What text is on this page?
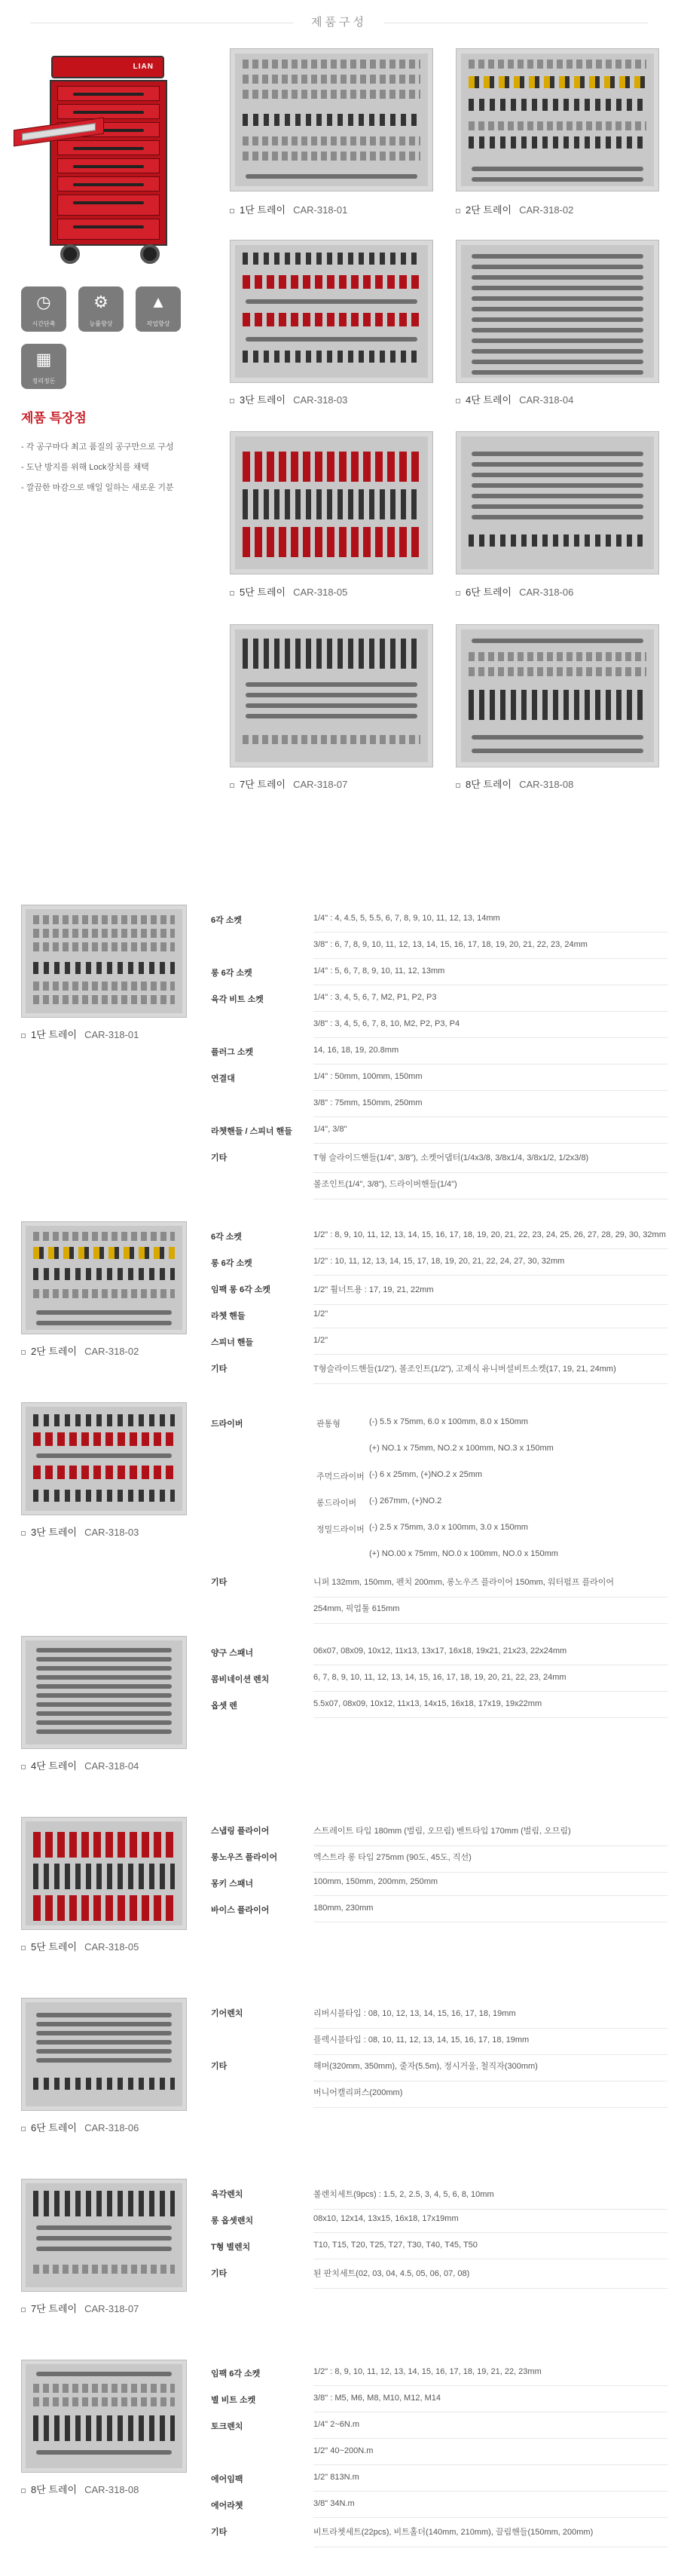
제품구성
LIAN
◷
시간단축
⚙
능률향상
▲
작업향상
▦
정리정돈
제품 특장점
- 각 공구마다 최고 품질의 공구만으로 구성
- 도난 방지를 위해 Lock장치를 채택
- 깔끔한 마감으로 매일 일하는 새로운 기분
1단 트레이 CAR-318-01	2단 트레이 CAR-318-02
3단 트레이 CAR-318-03	4단 트레이 CAR-318-04
5단 트레이 CAR-318-05	6단 트레이 CAR-318-06
7단 트레이 CAR-318-07	8단 트레이 CAR-318-08
1단 트레이 CAR-318-01
6각 소켓	1/4" : 4, 4.5, 5, 5.5, 6, 7, 8, 9, 10, 11, 12, 13, 14mm
3/8" : 6, 7, 8, 9, 10, 11, 12, 13, 14, 15, 16, 17, 18, 19, 20, 21, 22, 23, 24mm
롱 6각 소켓	1/4" : 5, 6, 7, 8, 9, 10, 11, 12, 13mm
육각 비트 소켓	1/4" : 3, 4, 5, 6, 7, M2, P1, P2, P3
3/8" : 3, 4, 5, 6, 7, 8, 10, M2, P2, P3, P4
플러그 소켓	14, 16, 18, 19, 20.8mm
연결대	1/4" : 50mm, 100mm, 150mm
3/8" : 75mm, 150mm, 250mm
라쳇핸들 / 스피너 핸들	1/4", 3/8"
기타	T형 슬라이드핸들(1/4", 3/8"), 소켓어댑터(1/4x3/8, 3/8x1/4, 3/8x1/2, 1/2x3/8)
볼조인트(1/4", 3/8"), 드라이버핸들(1/4")
2단 트레이 CAR-318-02
6각 소켓	1/2" : 8, 9, 10, 11, 12, 13, 14, 15, 16, 17, 18, 19, 20, 21, 22, 23, 24, 25, 26, 27, 28, 29, 30, 32mm
롱 6각 소켓	1/2" : 10, 11, 12, 13, 14, 15, 17, 18, 19, 20, 21, 22, 24, 27, 30, 32mm
임팩 롱 6각 소켓	1/2" 휠너트용 : 17, 19, 21, 22mm
라쳇 핸들	1/2"
스피너 핸들	1/2"
기타	T형슬라이드핸들(1/2"), 볼조인트(1/2"), 고제식 유니버셜비트소켓(17, 19, 21, 24mm)
3단 트레이 CAR-318-03
드라이버	관통형	(-) 5.5 x 75mm, 6.0 x 100mm, 8.0 x 150mm
(+) NO.1 x 75mm, NO.2 x 100mm, NO.3 x 150mm
주먹드라이버 (-) 6 x 25mm, (+)NO.2 x 25mm
롱드라이버	(-) 267mm, (+)NO.2
정밀드라이버 (-) 2.5 x 75mm, 3.0 x 100mm, 3.0 x 150mm
(+) NO.00 x 75mm, NO.0 x 100mm, NO.0 x 150mm
기타	니퍼 132mm, 150mm, 펜치 200mm, 롱노우즈 플라이어 150mm, 워터펌프 플라이어
254mm, 픽업툴 615mm
4단 트레이 CAR-318-04
양구 스패너	06x07, 08x09, 10x12, 11x13, 13x17, 16x18, 19x21, 21x23, 22x24mm
콤비네이션 렌치	6, 7, 8, 9, 10, 11, 12, 13, 14, 15, 16, 17, 18, 19, 20, 21, 22, 23, 24mm
옵셋 렌	5.5x07, 08x09, 10x12, 11x13, 14x15, 16x18, 17x19, 19x22mm
5단 트레이 CAR-318-05
스냅링 플라이어	스트레이트 타입 180mm (벌림, 오므림) 벤트타입 170mm (벌림, 오므림)
롱노우즈 플라이어	엑스트라 롱 타입 275mm (90도, 45도, 직선)
몽키 스패너	100mm, 150mm, 200mm, 250mm
바이스 플라이어	180mm, 230mm
6단 트레이 CAR-318-06
기어렌치	리버시블타입 : 08, 10, 12, 13, 14, 15, 16, 17, 18, 19mm
플렉시블타입 : 08, 10, 11, 12, 13, 14, 15, 16, 17, 18, 19mm
기타	해머(320mm, 350mm), 줄자(5.5m), 정시거울, 철직자(300mm)
버니어캘리퍼스(200mm)
7단 트레이 CAR-318-07
육각렌치	볼렌치세트(9pcs) : 1.5, 2, 2.5, 3, 4, 5, 6, 8, 10mm
롱 옵셋렌치	08x10, 12x14, 13x15, 16x18, 17x19mm
T형 별렌치	T10, T15, T20, T25, T27, T30, T40, T45, T50
기타	된 판치세트(02, 03, 04, 4.5, 05, 06, 07, 08)
8단 트레이 CAR-318-08
임팩 6각 소켓	1/2" : 8, 9, 10, 11, 12, 13, 14, 15, 16, 17, 18, 19, 21, 22, 23mm
별 비트 소켓	3/8" : M5, M6, M8, M10, M12, M14
토크렌치	1/4" 2~6N.m
1/2" 40~200N.m
에어임팩	1/2" 813N.m
에어라쳇	3/8" 34N.m
기타	비트라쳇세트(22pcs), 비트홀더(140mm, 210mm), 끌림핸들(150mm, 200mm)
